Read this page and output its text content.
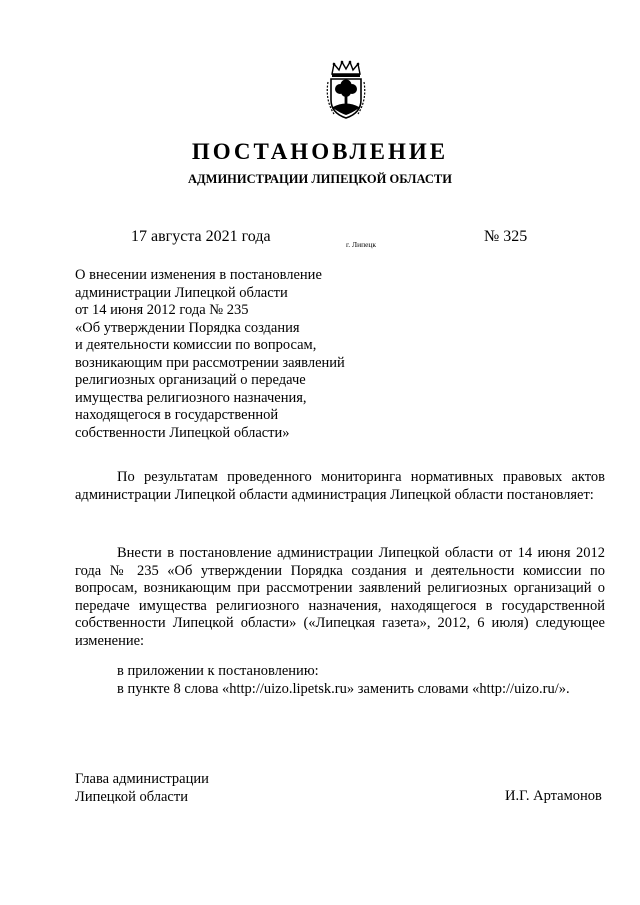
ПОСТАНОВЛЕНИЕ
АДМИНИСТРАЦИИ ЛИПЕЦКОЙ ОБЛАСТИ
17 августа 2021 года	г. Липецк	№ 325
О внесении изменения в постановление
администрации Липецкой области
от 14 июня 2012 года № 235
«Об утверждении Порядка создания
и деятельности комиссии по вопросам,
возникающим при рассмотрении заявлений
религиозных организаций о передаче
имущества религиозного назначения,
находящегося в государственной
собственности Липецкой области»
По результатам проведенного мониторинга нормативных правовых актов администрации Липецкой области администрация Липецкой области постановляет:
Внести в постановление администрации Липецкой области от 14 июня 2012 года № 235 «Об утверждении Порядка создания и деятельности комиссии по вопросам, возникающим при рассмотрении заявлений религиозных организаций о передаче имущества религиозного назначения, находящегося в государственной собственности Липецкой области» («Липецкая газета», 2012, 6 июля) следующее изменение:
в приложении к постановлению:
в пункте 8 слова «http://uizo.lipetsk.ru» заменить словами «http://uizo.ru/».
Глава администрации
Липецкой области	И.Г. Артамонов
